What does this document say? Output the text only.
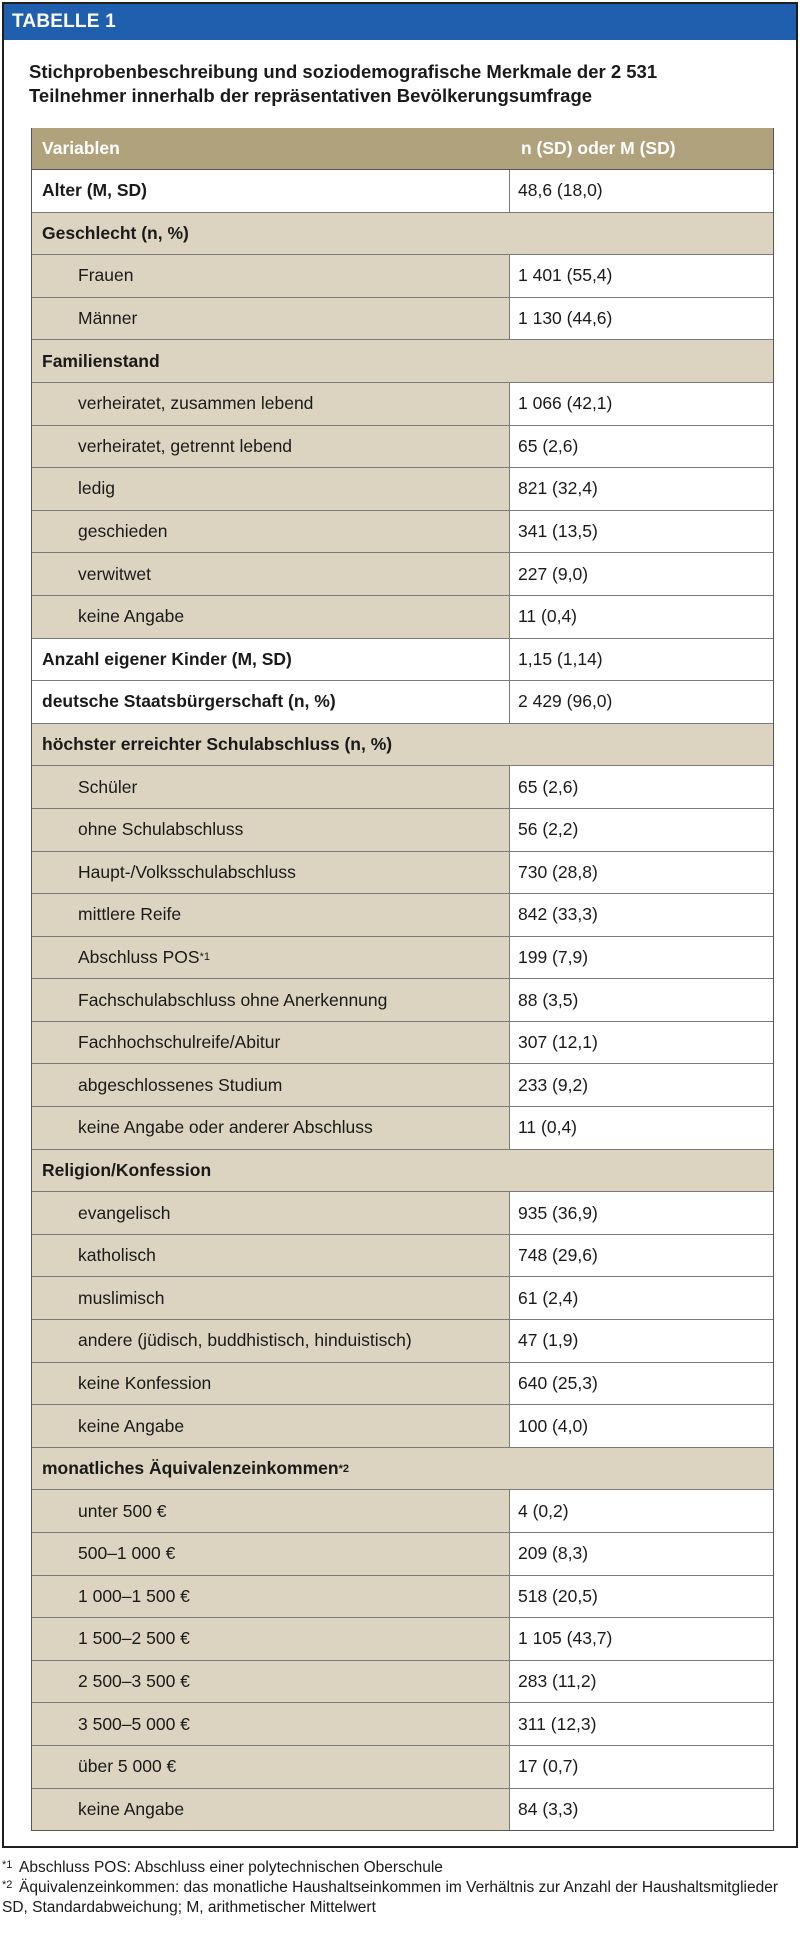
TABELLE 1
Stichprobenbeschreibung und soziodemografische Merkmale der 2 531
Teilnehmer innerhalb der repräsentativen Bevölkerungsumfrage
Variablen	n (SD) oder M (SD)
Alter (M, SD)	48,6 (18,0)
Geschlecht (n, %)
Frauen	1 401 (55,4)
Männer	1 130 (44,6)
Familienstand
verheiratet, zusammen lebend	1 066 (42,1)
verheiratet, getrennt lebend	65 (2,6)
ledig	821 (32,4)
geschieden	341 (13,5)
verwitwet	227 (9,0)
keine Angabe	11 (0,4)
Anzahl eigener Kinder (M, SD)	1,15 (1,14)
deutsche Staatsbürgerschaft (n, %)	2 429 (96,0)
höchster erreichter Schulabschluss (n, %)
Schüler	65 (2,6)
ohne Schulabschluss	56 (2,2)
Haupt-/Volksschulabschluss	730 (28,8)
mittlere Reife	842 (33,3)
Abschluss POS *1	199 (7,9)
Fachschulabschluss ohne Anerkennung	88 (3,5)
Fachhochschulreife/Abitur	307 (12,1)
abgeschlossenes Studium	233 (9,2)
keine Angabe oder anderer Abschluss	11 (0,4)
Religion/Konfession
evangelisch	935 (36,9)
katholisch	748 (29,6)
muslimisch	61 (2,4)
andere (jüdisch, buddhistisch, hinduistisch)	47 (1,9)
keine Konfession	640 (25,3)
keine Angabe	100 (4,0)
monatliches Äquivalenzeinkommen *2
unter 500 €	4 (0,2)
500–1 000 €	209 (8,3)
1 000–1 500 €	518 (20,5)
1 500–2 500 €	1 105 (43,7)
2 500–3 500 €	283 (11,2)
3 500–5 000 €	311 (12,3)
über 5 000 €	17 (0,7)
keine Angabe	84 (3,3)
*1 Abschluss POS: Abschluss einer polytechnischen Oberschule
*2 Äquivalenzeinkommen: das monatliche Haushaltseinkommen im Verhältnis zur Anzahl der Haushaltsmitglieder
SD, Standardabweichung; M, arithmetischer Mittelwert
